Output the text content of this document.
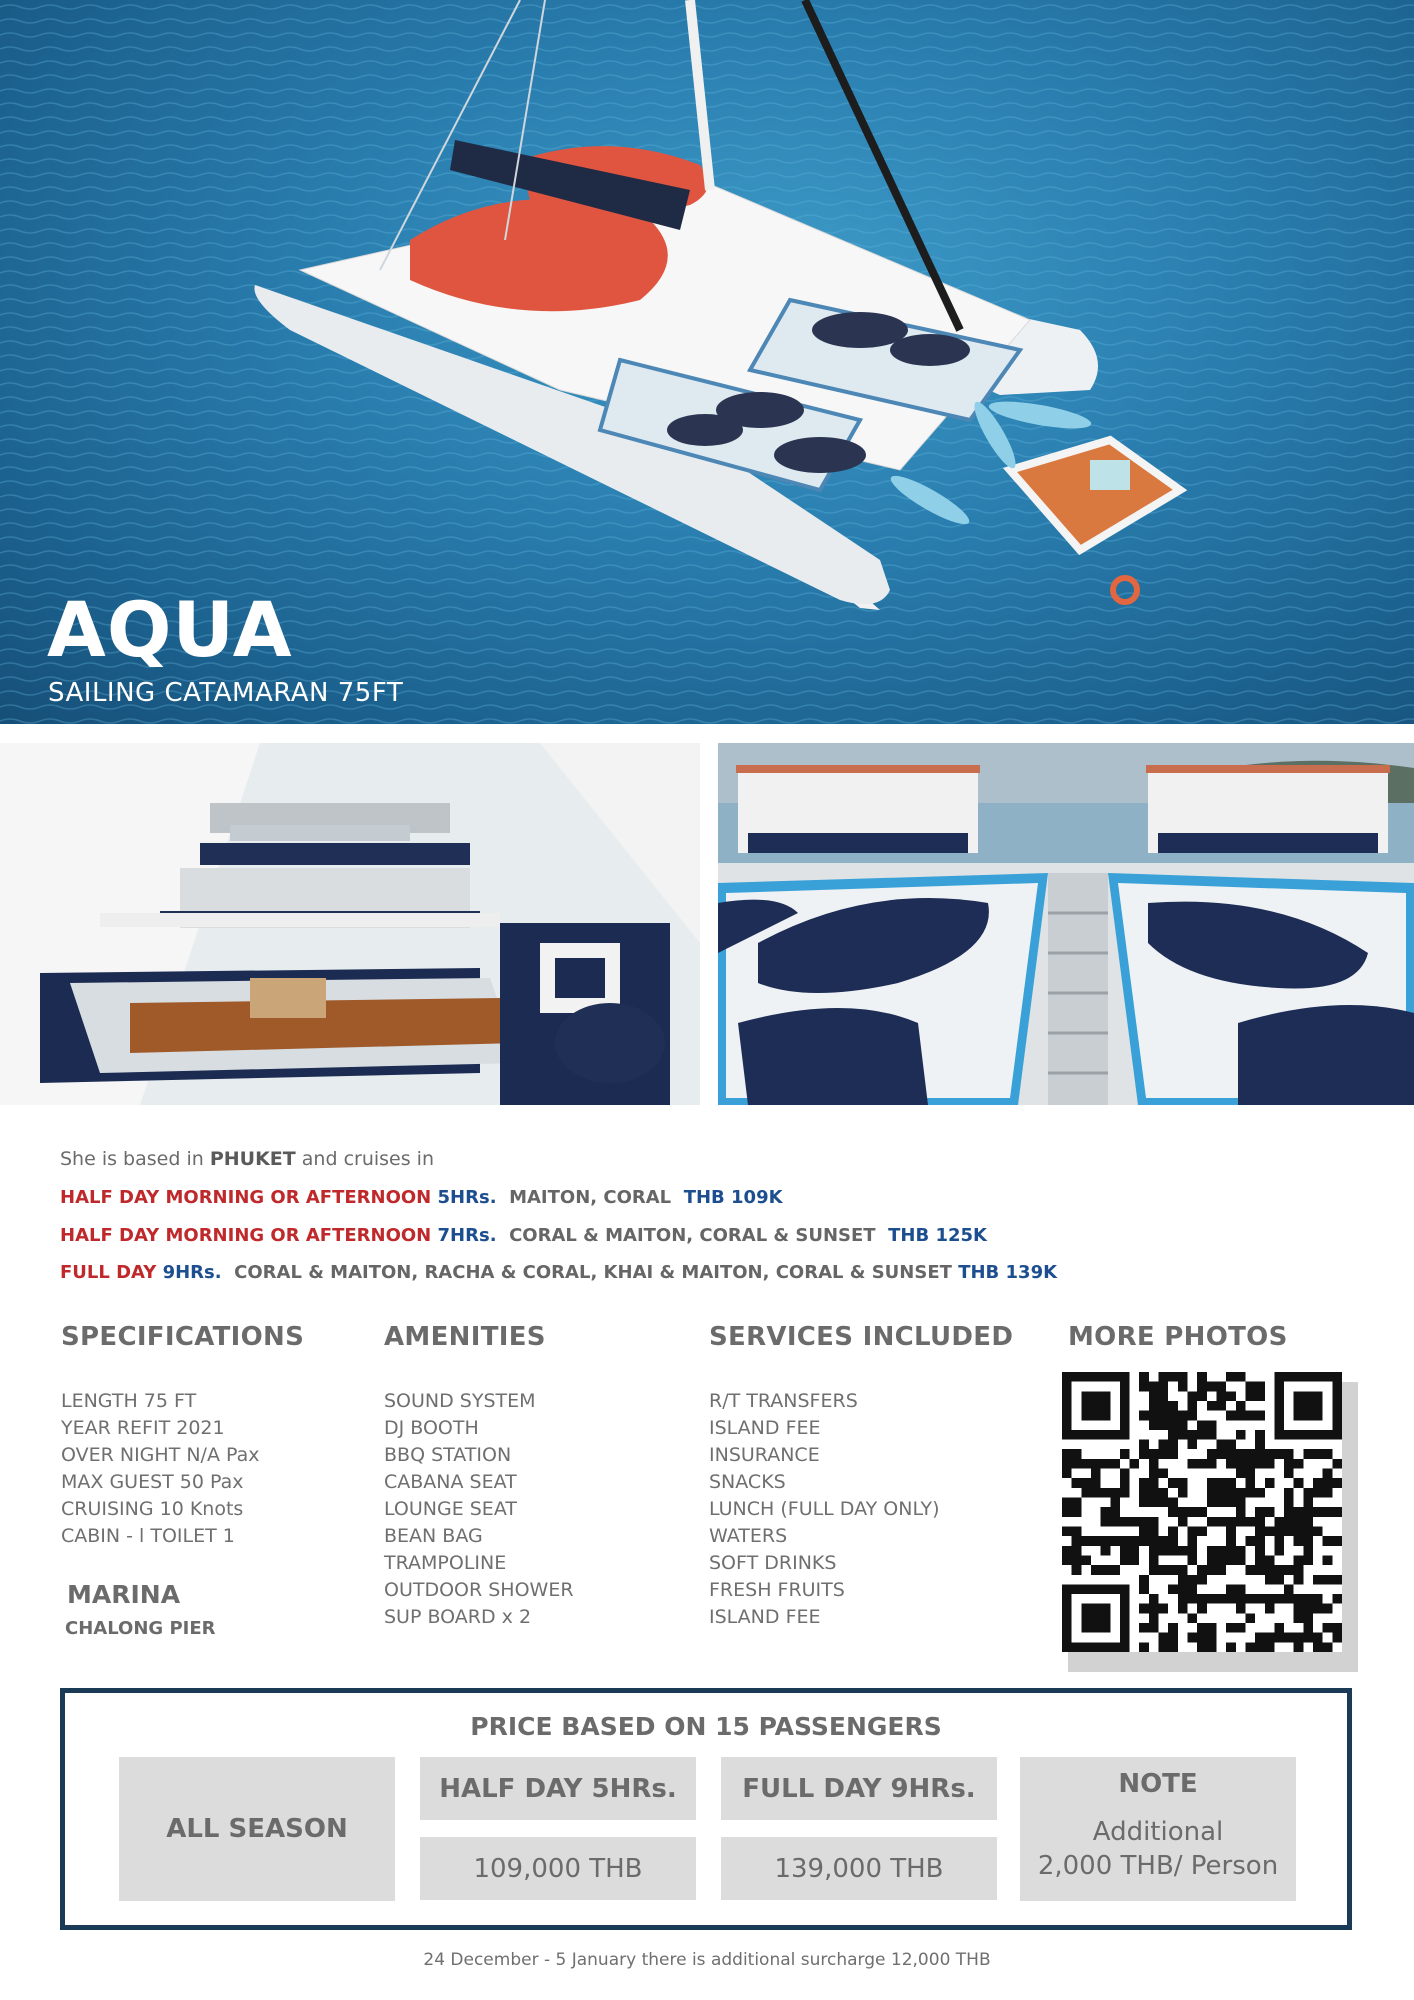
AQUA
SAILING CATAMARAN 75FT
She is based in PHUKET and cruises in
HALF DAY MORNING OR AFTERNOON 5HRs. MAITON, CORAL THB 109K
HALF DAY MORNING OR AFTERNOON 7HRs. CORAL & MAITON, CORAL & SUNSET THB 125K
FULL DAY 9HRs. CORAL & MAITON, RACHA & CORAL, KHAI & MAITON, CORAL & SUNSET THB 139K
SPECIFICATIONS
LENGTH 75 FT
YEAR REFIT 2021
OVER NIGHT N/A Pax
MAX GUEST 50 Pax
CRUISING 10 Knots
CABIN - l TOILET 1
MARINA
CHALONG PIER
AMENITIES
SOUND SYSTEM
DJ BOOTH
BBQ STATION
CABANA SEAT
LOUNGE SEAT
BEAN BAG
TRAMPOLINE
OUTDOOR SHOWER
SUP BOARD x 2
SERVICES INCLUDED
R/T TRANSFERS
ISLAND FEE
INSURANCE
SNACKS
LUNCH (FULL DAY ONLY)
WATERS
SOFT DRINKS
FRESH FRUITS
ISLAND FEE
MORE PHOTOS
PRICE BASED ON 15 PASSENGERS
ALL SEASON
HALF DAY 5HRs.
109,000 THB
FULL DAY 9HRs.
139,000 THB
NOTE
Additional
2,000 THB/ Person
24 December - 5 January there is additional surcharge 12,000 THB
